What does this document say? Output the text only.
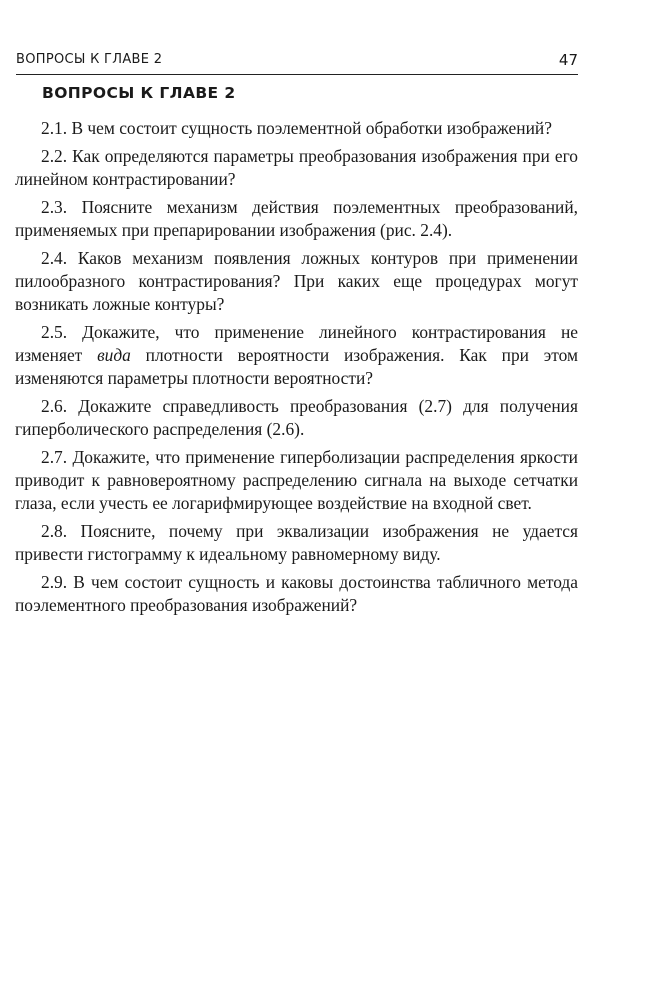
ВОПРОСЫ К ГЛАВЕ 2	47
ВОПРОСЫ К ГЛАВЕ 2

2.1. В чем состоит сущность поэлементной обработки изображений?

2.2. Как определяются параметры преобразования изображения при его линейном контрастировании?

2.3. Поясните механизм действия поэлементных преобразований, применяемых при препарировании изображения (рис. 2.4).

2.4. Каков механизм появления ложных контуров при применении пилообразного контрастирования? При каких еще процедурах могут возникать ложные контуры?

2.5. Докажите, что применение линейного контрастирования не изменяет вида плотности вероятности изображения. Как при этом изменяются параметры плотности вероятности?

2.6. Докажите справедливость преобразования (2.7) для получения гиперболического распределения (2.6).

2.7. Докажите, что применение гиперболизации распределения яркости приводит к равновероятному распределению сигнала на выходе сетчатки глаза, если учесть ее логарифмирующее воздействие на входной свет.

2.8. Поясните, почему при эквализации изображения не удается привести гистограмму к идеальному равномерному виду.

2.9. В чем состоит сущность и каковы достоинства табличного метода поэлементного преобразования изображений?
